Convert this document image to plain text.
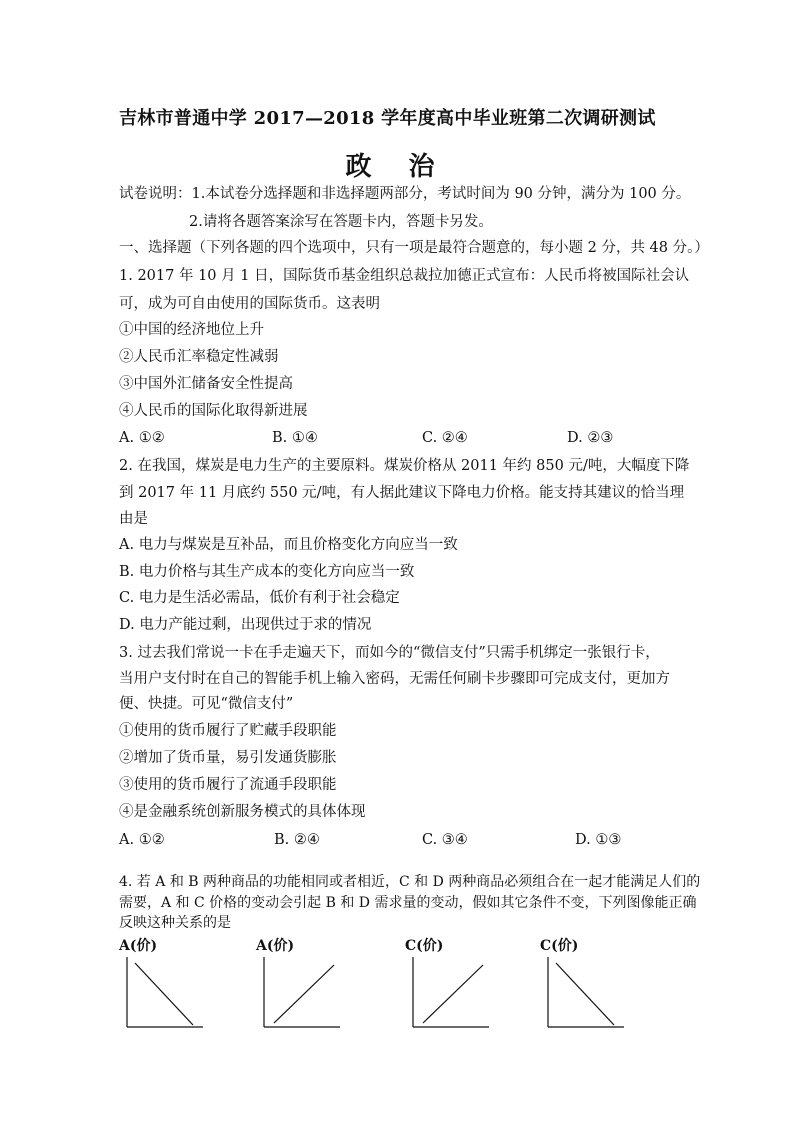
吉林市普通中学 2017—2018 学年度高中毕业班第二次调研测试
政 治
试卷说明：1.本试卷分选择题和非选择题两部分，考试时间为 90 分钟，满分为 100 分。
2.请将各题答案涂写在答题卡内，答题卡另发。
一、选择题（下列各题的四个选项中，只有一项是最符合题意的，每小题 2 分，共 48 分。）
1. 2017 年 10 月 1 日，国际货币基金组织总裁拉加德正式宣布：人民币将被国际社会认
可，成为可自由使用的国际货币。这表明
①中国的经济地位上升
②人民币汇率稳定性减弱
③中国外汇储备安全性提高
④人民币的国际化取得新进展
A. ①②	B. ①④	C. ②④	D. ②③
2. 在我国，煤炭是电力生产的主要原料。煤炭价格从 2011 年约 850 元/吨，大幅度下降
到 2017 年 11 月底约 550 元/吨，有人据此建议下降电力价格。能支持其建议的恰当理
由是
A. 电力与煤炭是互补品，而且价格变化方向应当一致
B. 电力价格与其生产成本的变化方向应当一致
C. 电力是生活必需品，低价有利于社会稳定
D. 电力产能过剩，出现供过于求的情况
3. 过去我们常说一卡在手走遍天下，而如今的“微信支付”只需手机绑定一张银行卡，
当用户支付时在自己的智能手机上输入密码，无需任何刷卡步骤即可完成支付，更加方
便、快捷。可见“微信支付”
①使用的货币履行了贮藏手段职能
②增加了货币量，易引发通货膨胀
③使用的货币履行了流通手段职能
④是金融系统创新服务模式的具体体现
A. ①②	B. ②④	C. ③④	D. ①③
4. 若 A 和 B 两种商品的功能相同或者相近，C 和 D 两种商品必须组合在一起才能满足人们的
需要，A 和 C 价格的变动会引起 B 和 D 需求量的变动，假如其它条件不变，下列图像能正确
反映这种关系的是
A(价)	A(价)	C(价)	C(价)
